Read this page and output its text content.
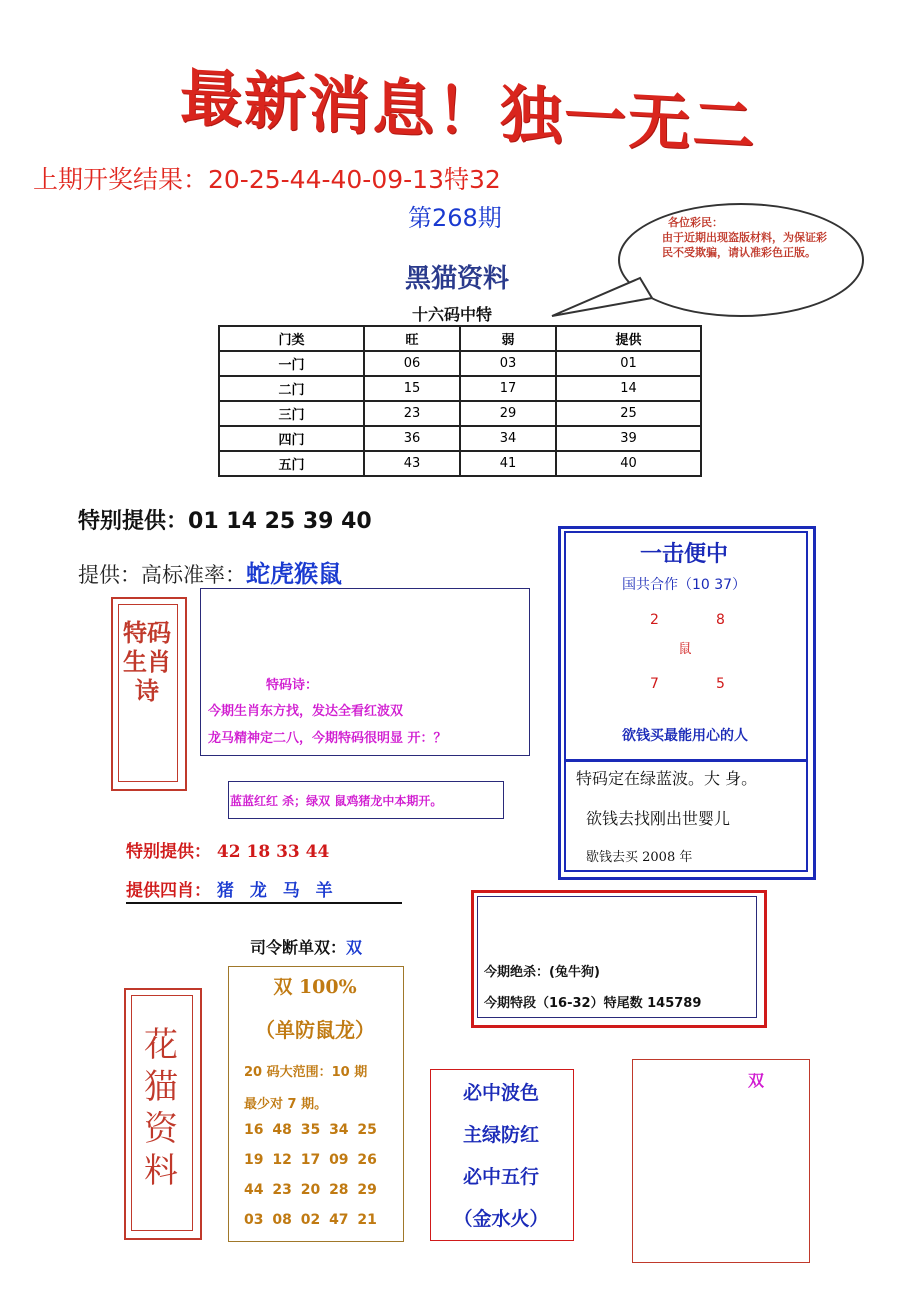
最新消息！独一无二
上期开奖结果：20-25-44-40-09-13特32
第268期	各位彩民：
由于近期出现盗版材料，为保证彩民不受欺骗，请认准彩色正版。
黑猫资料
十六码中特
门类	旺	弱	提供
一门	06	03	01
二门	15	17	14
三门	23	29	25
四门	36	34	39
五门	43	41	40
特别提供：01 14 25 39 40
提供：高标准率：蛇虎猴鼠
特码生肖诗	特码诗：
今期生肖东方找，发达全看红波双
龙马精神定二八，今期特码很明显 开：？
蓝蓝红红 杀；绿双 鼠鸡猪龙中本期开。
一击便中
国共合作（10 37）
2	8
鼠
7	5
欲钱买最能用心的人
特码定在绿蓝波。大 身。
欲钱去找刚出世婴儿
歇钱去买 2008 年
特别提供： 42 18 33 44
提供四肖： 猪 龙 马 羊
今期绝杀：(兔牛狗)
今期特段（16-32）特尾数 145789
司令断单双：双
花猫资料
双 100%
（单防鼠龙）
20 码大范围：10 期
最少对 7 期。
16 48 35 34 25
19 12 17 09 26
44 23 20 28 29
03 08 02 47 21
必中波色
主绿防红
必中五行
（金水火）
双
